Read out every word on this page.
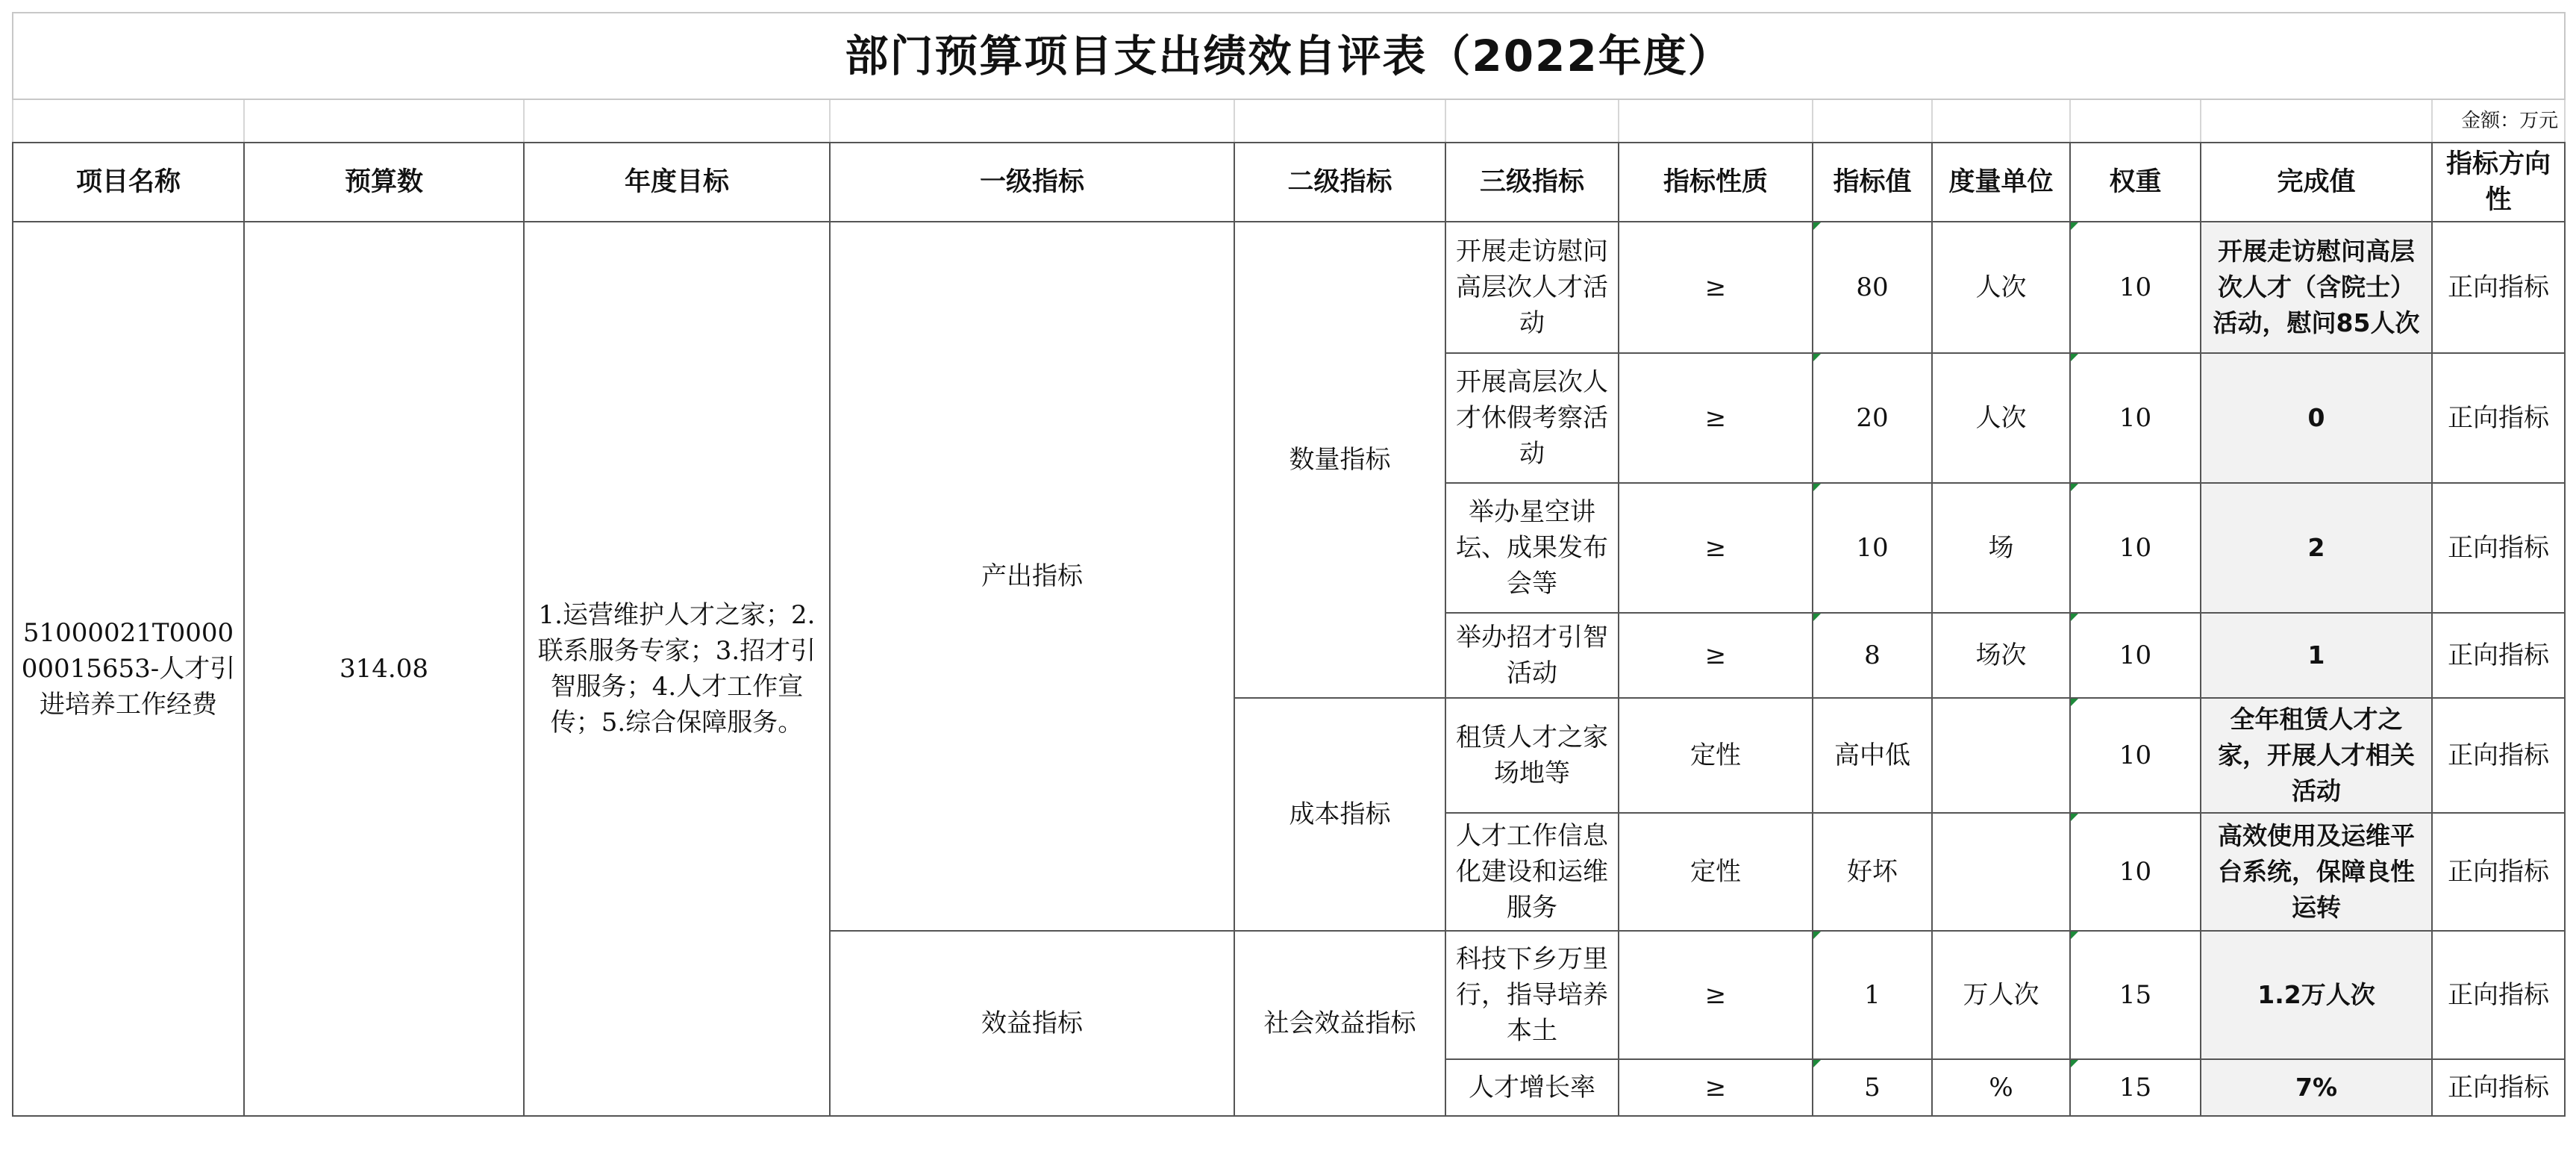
部门预算项目支出绩效自评表（2022年度）											
											金额：万元
项目名称	预算数	年度目标	一级指标	二级指标	三级指标	指标性质	指标值	度量单位	权重	完成值	指标方向性
51000021T000000015653-人才引进培养工作经费	314.08	1.运营维护人才之家；2.联系服务专家；3.招才引智服务；4.人才工作宣传；5.综合保障服务。	产出指标	数量指标	开展走访慰问高层次人才活动	≥	80	人次	10	开展走访慰问高层次人才（含院士）活动，慰问85人次	正向指标
					开展高层次人才休假考察活动	≥	20	人次	10	0	正向指标
					举办星空讲坛、成果发布会等	≥	10	场	10	2	正向指标
					举办招才引智活动	≥	8	场次	10	1	正向指标
				成本指标	租赁人才之家场地等	定性	高中低		10	全年租赁人才之家，开展人才相关活动	正向指标
					人才工作信息化建设和运维服务	定性	好坏		10	高效使用及运维平台系统，保障良性运转	正向指标
			效益指标	社会效益指标	科技下乡万里行，指导培养本土	≥	1	万人次	15	1.2万人次	正向指标
					人才增长率	≥	5	%	15	7%	正向指标
